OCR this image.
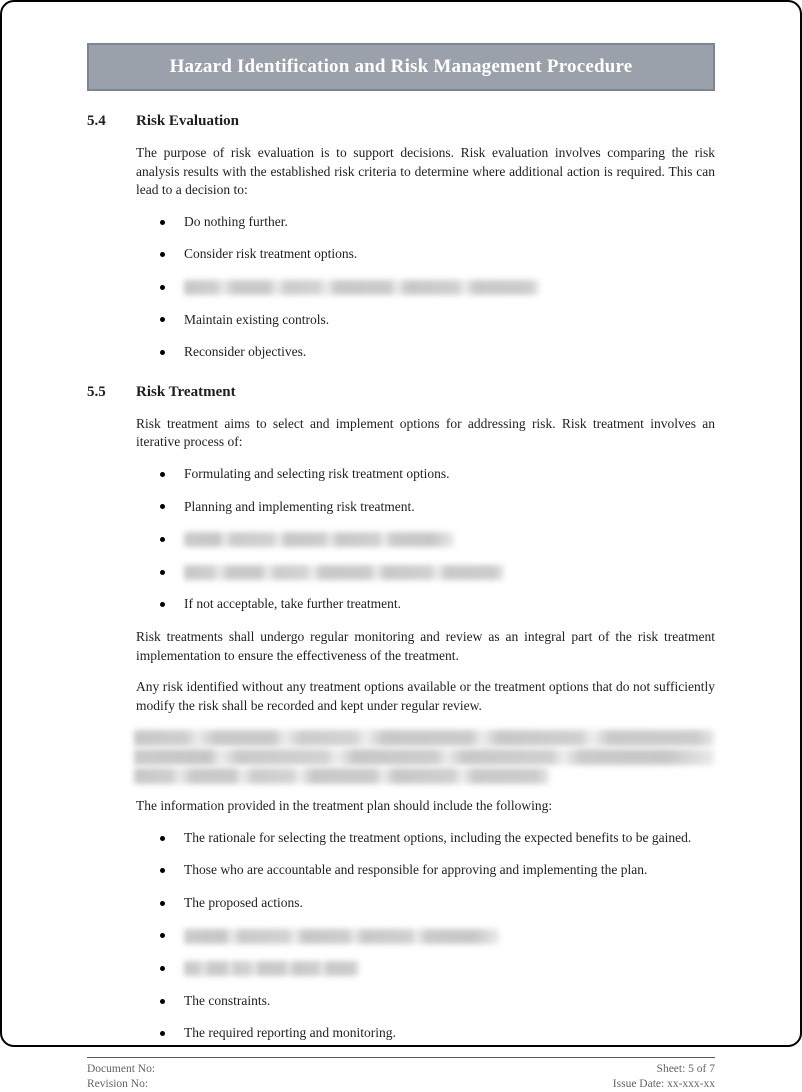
Hazard Identification and Risk Management Procedure
5.4	Risk Evaluation

The purpose of risk evaluation is to support decisions. Risk evaluation involves comparing the risk analysis results with the established risk criteria to determine where additional action is required. This can lead to a decision to:

Do nothing further.
Consider risk treatment options.
Maintain existing controls.
Reconsider objectives.
5.5	Risk Treatment

Risk treatment aims to select and implement options for addressing risk. Risk treatment involves an iterative process of:

Formulating and selecting risk treatment options.
Planning and implementing risk treatment.
If not acceptable, take further treatment.

Risk treatments shall undergo regular monitoring and review as an integral part of the risk treatment implementation to ensure the effectiveness of the treatment.

Any risk identified without any treatment options available or the treatment options that do not sufficiently modify the risk shall be recorded and kept under regular review.

The information provided in the treatment plan should include the following:

The rationale for selecting the treatment options, including the expected benefits to be gained.
Those who are accountable and responsible for approving and implementing the plan.
The proposed actions.
The constraints.
The required reporting and monitoring.
Document No:
Revision No:
Sheet: 5 of 7
Issue Date: xx-xxx-xx
